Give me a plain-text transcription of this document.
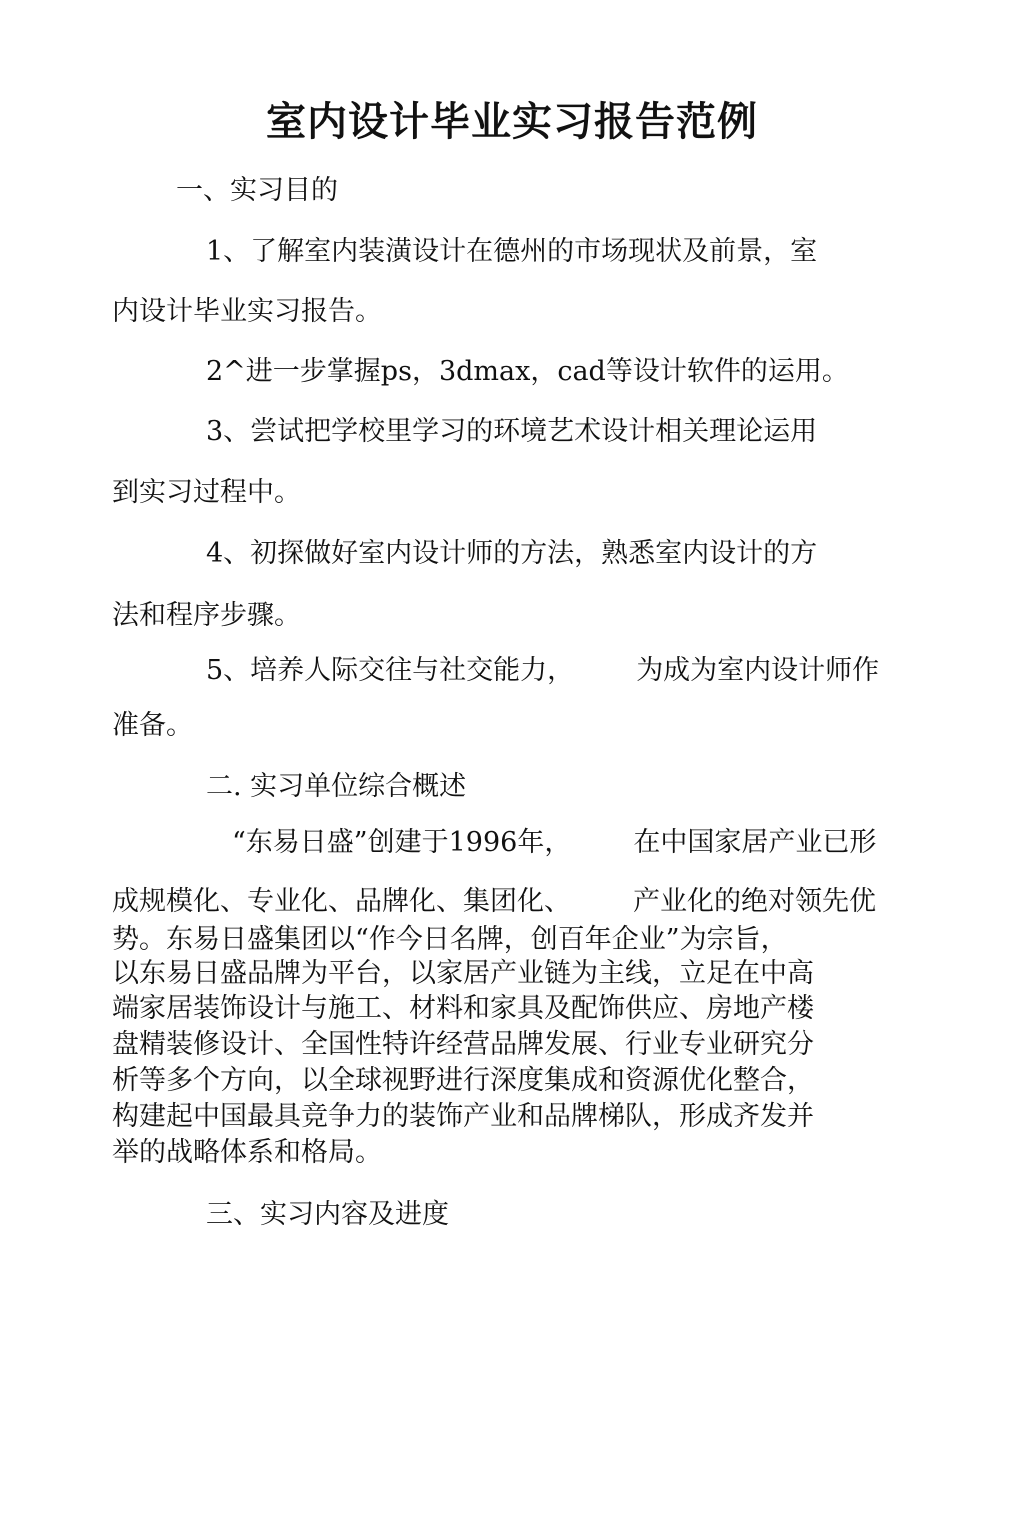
室内设计毕业实习报告范例

一、实习目的

1、了解室内装潢设计在德州的市场现状及前景，室

内设计毕业实习报告。

2^进一步掌握ps，3dmax，cad等设计软件的运用。

3、尝试把学校里学习的环境艺术设计相关理论运用

到实习过程中。

4、初探做好室内设计师的方法，熟悉室内设计的方

法和程序步骤。

5、培养人际交往与社交能力， 为成为室内设计师作

准备。

二. 实习单位综合概述

“东易日盛”创建于1996年， 在中国家居产业已形

成规模化、专业化、品牌化、集团化、 产业化的绝对领先优

势。东易日盛集团以“作今日名牌，创百年企业”为宗旨，

以东易日盛品牌为平台，以家居产业链为主线，立足在中高

端家居装饰设计与施工、材料和家具及配饰供应、房地产楼

盘精装修设计、全国性特许经营品牌发展、行业专业研究分

析等多个方向，以全球视野进行深度集成和资源优化整合，

构建起中国最具竞争力的装饰产业和品牌梯队，形成齐发并

举的战略体系和格局。

三、实习内容及进度
